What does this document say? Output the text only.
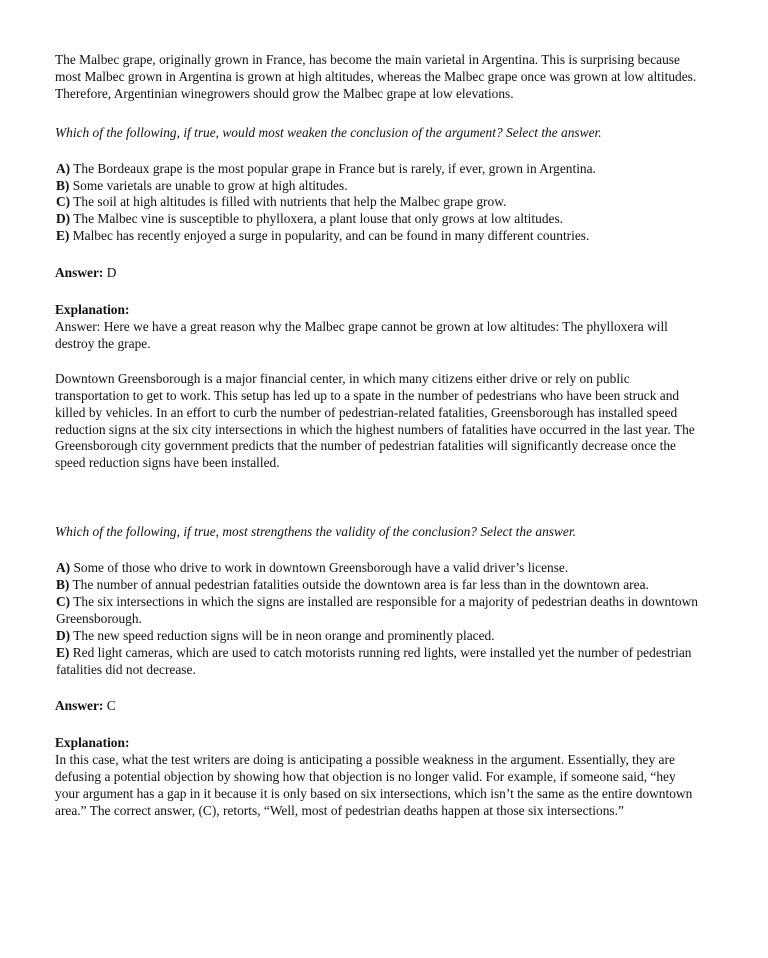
The Malbec grape, originally grown in France, has become the main varietal in Argentina. This is surprising because most Malbec grown in Argentina is grown at high altitudes, whereas the Malbec grape once was grown at low altitudes. Therefore, Argentinian winegrowers should grow the Malbec grape at low elevations.

Which of the following, if true, would most weaken the conclusion of the argument? Select the answer.

A) The Bordeaux grape is the most popular grape in France but is rarely, if ever, grown in Argentina.
B) Some varietals are unable to grow at high altitudes.
C) The soil at high altitudes is filled with nutrients that help the Malbec grape grow.
D) The Malbec vine is susceptible to phylloxera, a plant louse that only grows at low altitudes.
E) Malbec has recently enjoyed a surge in popularity, and can be found in many different countries.

Answer: D

Explanation:

Answer: Here we have a great reason why the Malbec grape cannot be grown at low altitudes: The phylloxera will destroy the grape.

Downtown Greensborough is a major financial center, in which many citizens either drive or rely on public transportation to get to work. This setup has led up to a spate in the number of pedestrians who have been struck and killed by vehicles. In an effort to curb the number of pedestrian-related fatalities, Greensborough has installed speed reduction signs at the six city intersections in which the highest numbers of fatalities have occurred in the last year. The Greensborough city government predicts that the number of pedestrian fatalities will significantly decrease once the speed reduction signs have been installed.

Which of the following, if true, most strengthens the validity of the conclusion? Select the answer.

A) Some of those who drive to work in downtown Greensborough have a valid driver’s license.
B) The number of annual pedestrian fatalities outside the downtown area is far less than in the downtown area.
C) The six intersections in which the signs are installed are responsible for a majority of pedestrian deaths in downtown Greensborough.
D) The new speed reduction signs will be in neon orange and prominently placed.
E) Red light cameras, which are used to catch motorists running red lights, were installed yet the number of pedestrian fatalities did not decrease.

Answer: C

Explanation:

In this case, what the test writers are doing is anticipating a possible weakness in the argument. Essentially, they are defusing a potential objection by showing how that objection is no longer valid. For example, if someone said, “hey your argument has a gap in it because it is only based on six intersections, which isn’t the same as the entire downtown area.” The correct answer, (C), retorts, “Well, most of pedestrian deaths happen at those six intersections.”
